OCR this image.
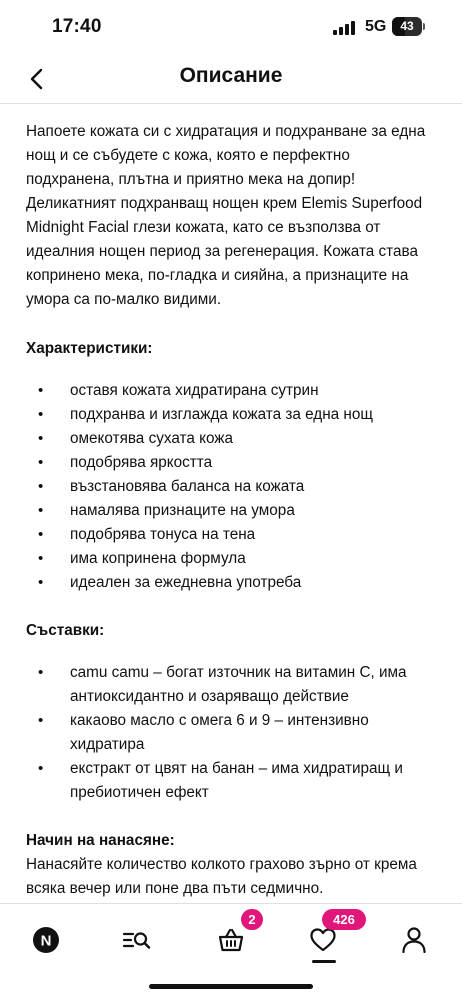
17:40	5G	43
Описание

Напоете кожата си с хидратация и подхранване за една нощ и се събудете с кожа, която е перфектно подхранена, плътна и приятно мека на допир! Деликатният подхранващ нощен крем Elemis Superfood Midnight Facial глези кожата, като се възползва от идеалния нощен период за регенерация. Кожата става коприненo мека, по-гладка и сияйна, а признаците на умора са по-малко видими.

Характеристики:
• оставя кожата хидратирана сутрин
• подхранва и изглажда кожата за една нощ
• омекотява сухата кожа
• подобрява яркостта
• възстановява баланса на кожата
• намалява признаците на умора
• подобрява тонуса на тена
• има копринена формула
• идеален за ежедневна употреба
Съставки:
• camu camu – богат източник на витамин C, има антиоксидантно и озаряващо действие
• какаово масло с омега 6 и 9 – интензивно хидратира
• екстракт от цвят на банан – има хидратиращ и пребиотичен ефект
Начин на нанасяне:

Нанасяйте количество колкото грахово зърно от крема всяка вечер или поне два пъти седмично.

N
2	426
